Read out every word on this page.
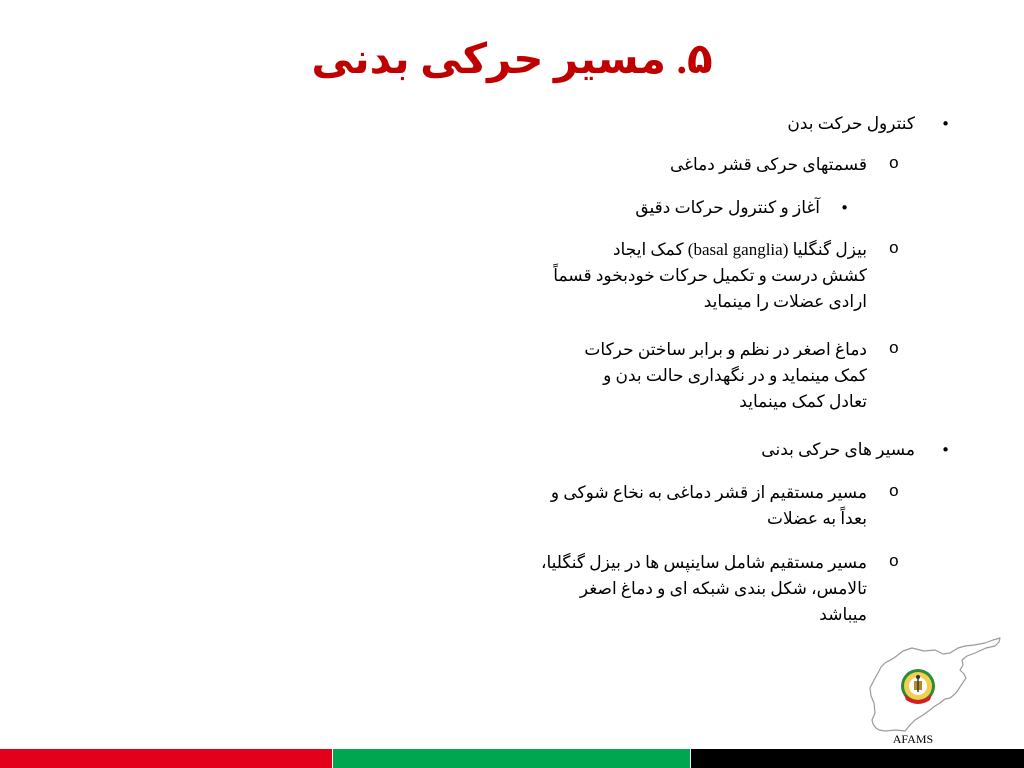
۵. مسیر حرکی بدنی
•
کنترول حرکت بدن
o
قسمتهای حرکی قشر دماغی
•
آغاز و کنترول حرکات دقیق
o
بیزل گنگلیا (basal ganglia) کمک ایجاد
کشش درست و تکمیل حرکات خودبخود قسماً
ارادی عضلات را مینماید
o
دماغ اصغر در نظم و برابر ساختن حرکات
کمک مینماید و در نگهداری حالت بدن و
تعادل کمک مینماید
•
مسیر های حرکی بدنی
o
مسیر مستقیم از قشر دماغی به نخاع شوکی و
بعداً به عضلات
o
مسیر مستقیم شامل ساینپس ها در بیزل گنگلیا،
تالامس، شکل بندی شبکه ای و دماغ اصغر
میباشد
AFAMS
